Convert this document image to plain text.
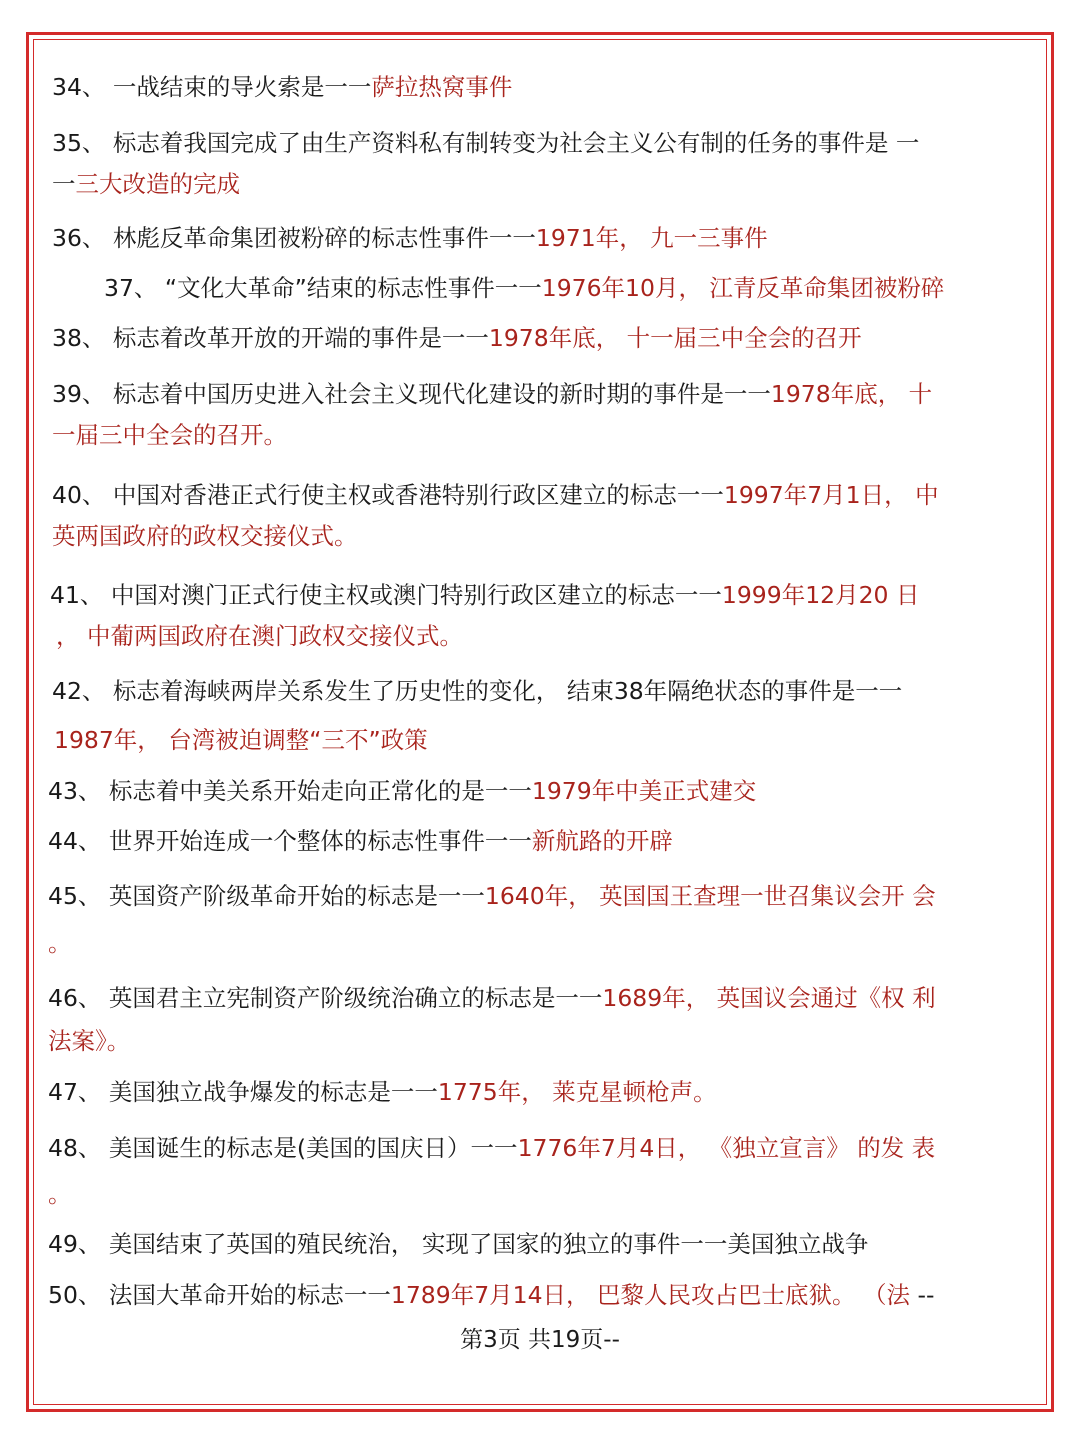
34、 一战结束的导火索是一一萨拉热窝事件
35、 标志着我国完成了由生产资料私有制转变为社会主义公有制的任务的事件是 一
一三大改造的完成
36、 林彪反革命集团被粉碎的标志性事件一一1971年， 九一三事件
37、 “文化大革命”结束的标志性事件一一1976年10月， 江青反革命集团被粉碎
38、 标志着改革开放的开端的事件是一一1978年底， 十一届三中全会的召开
39、 标志着中国历史进入社会主义现代化建设的新时期的事件是一一1978年底， 十
一届三中全会的召开。
40、 中国对香港正式行使主权或香港特别行政区建立的标志一一1997年7月1日， 中
英两国政府的政权交接仪式。
41、 中国对澳门正式行使主权或澳门特别行政区建立的标志一一1999年12月20 日
， 中葡两国政府在澳门政权交接仪式。
42、 标志着海峡两岸关系发生了历史性的变化， 结束38年隔绝状态的事件是一一
1987年， 台湾被迫调整“三不”政策
43、 标志着中美关系开始走向正常化的是一一1979年中美正式建交
44、 世界开始连成一个整体的标志性事件一一新航路的开辟
45、 英国资产阶级革命开始的标志是一一1640年， 英国国王查理一世召集议会开 会
。
46、 英国君主立宪制资产阶级统治确立的标志是一一1689年， 英国议会通过《权 利
法案》。
47、 美国独立战争爆发的标志是一一1775年， 莱克星顿枪声。
48、 美国诞生的标志是(美国的国庆日）一一1776年7月4日， 《独立宣言》 的发 表
。
49、 美国结束了英国的殖民统治， 实现了国家的独立的事件一一美国独立战争
50、 法国大革命开始的标志一一1789年7月14日， 巴黎人民攻占巴士底狱。 （法 --
第3页 共19页--
